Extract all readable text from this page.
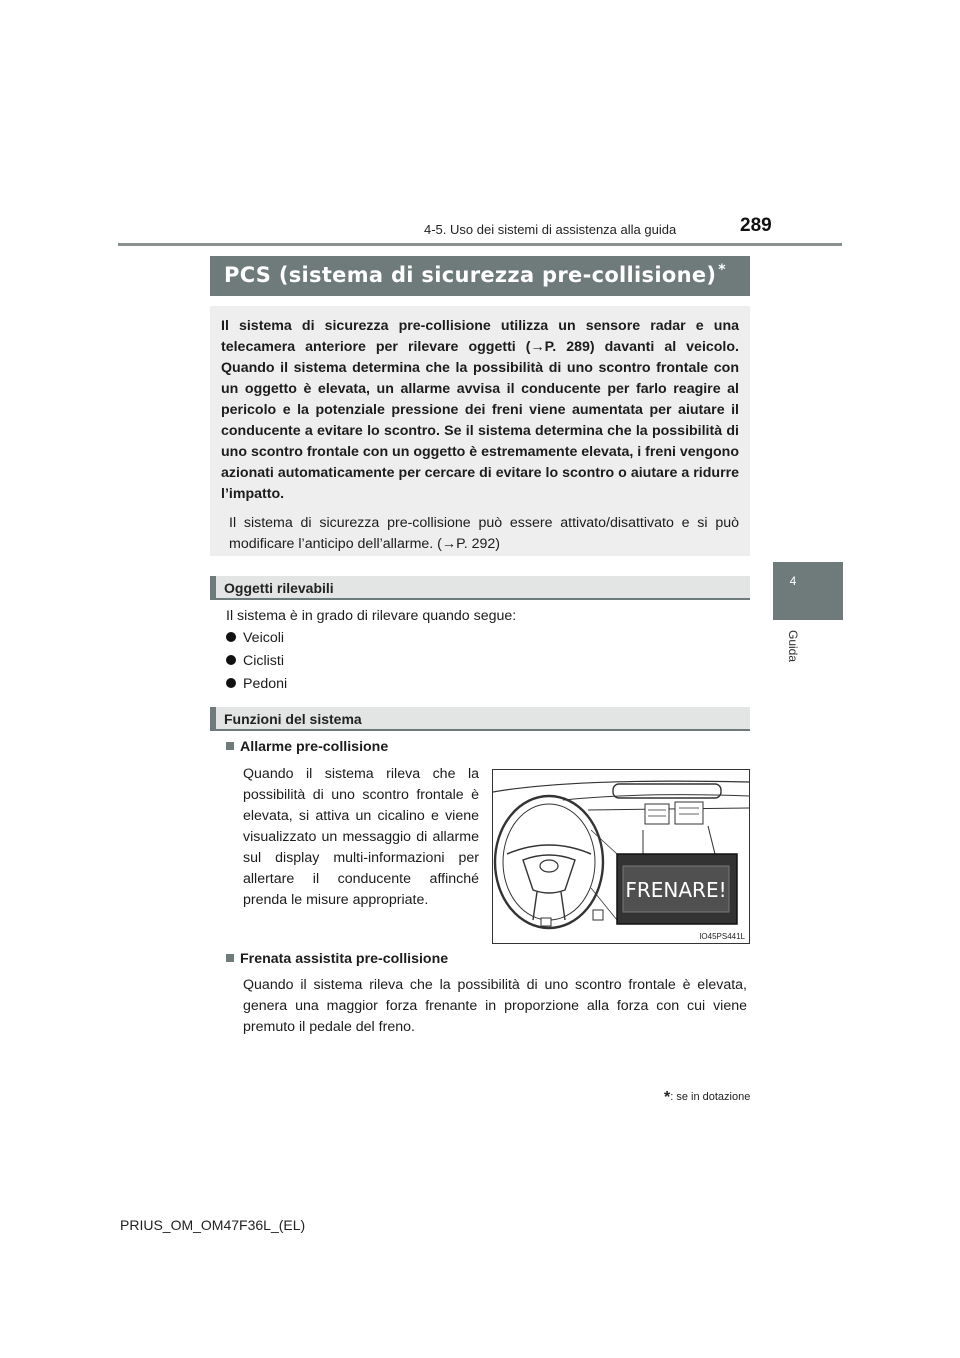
4-5. Uso dei sistemi di assistenza alla guida	289
4
Guida
PCS (sistema di sicurezza pre-collisione) *

Il sistema di sicurezza pre-collisione utilizza un sensore radar e una telecamera anteriore per rilevare oggetti (→P. 289) davanti al veicolo. Quando il sistema determina che la possibilità di uno scontro frontale con un oggetto è elevata, un allarme avvisa il conducente per farlo reagire al pericolo e la potenziale pressione dei freni viene aumentata per aiutare il conducente a evitare lo scontro. Se il sistema determina che la possibilità di uno scontro frontale con un oggetto è estremamente elevata, i freni vengono azionati automaticamente per cercare di evitare lo scontro o aiutare a ridurre l’impatto.

Il sistema di sicurezza pre-collisione può essere attivato/disattivato e si può modificare l’anticipo dell’allarme. (→P. 292)

Oggetti rilevabili
Il sistema è in grado di rilevare quando segue:
Veicoli
Ciclisti
Pedoni
Funzioni del sistema
Allarme pre-collisione
Quando il sistema rileva che la possibilità di uno scontro frontale è elevata, si attiva un cicalino e viene visualizzato un messaggio di allarme sul display multi-informazioni per allertare il conducente affinché prenda le misure appropriate.	FRENARE!
IO45PS441L
Frenata assistita pre-collisione
Quando il sistema rileva che la possibilità di uno scontro frontale è elevata, genera una maggior forza frenante in proporzione alla forza con cui viene premuto il pedale del freno.
*: se in dotazione
PRIUS_OM_OM47F36L_(EL)
